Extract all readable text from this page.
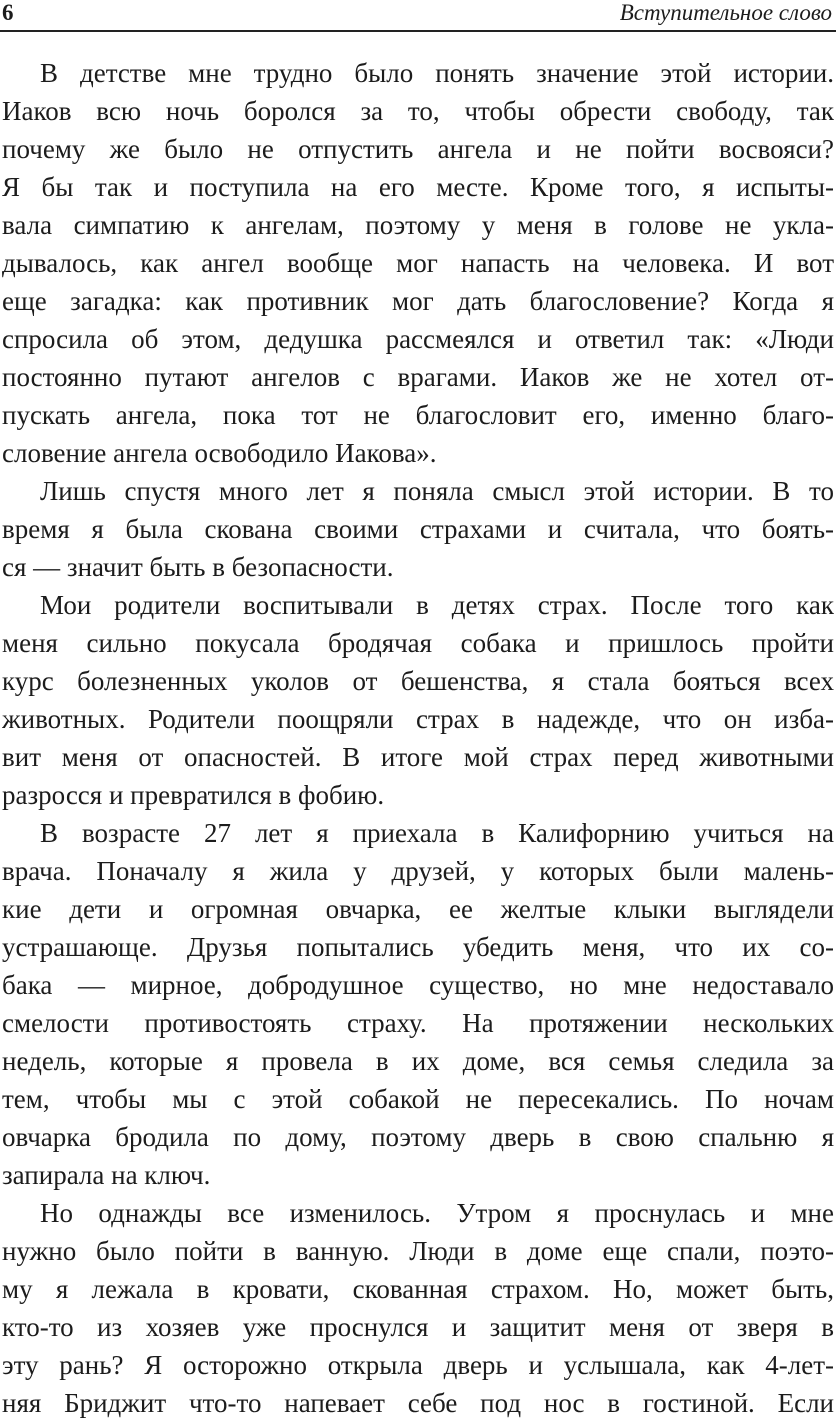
6	Вступительное слово
В детстве мне трудно было понять значение этой истории.
Иаков всю ночь боролся за то, чтобы обрести свободу, так
почему же было не отпустить ангела и не пойти восвояси?
Я бы так и поступила на его месте. Кроме того, я испыты-
вала симпатию к ангелам, поэтому у меня в голове не укла-
дывалось, как ангел вообще мог напасть на человека. И вот
еще загадка: как противник мог дать благословение? Когда я
спросила об этом, дедушка рассмеялся и ответил так: «Люди
постоянно путают ангелов с врагами. Иаков же не хотел от-
пускать ангела, пока тот не благословит его, именно благо-
словение ангела освободило Иакова».
Лишь спустя много лет я поняла смысл этой истории. В то
время я была скована своими страхами и считала, что боять-
ся — значит быть в безопасности.
Мои родители воспитывали в детях страх. После того как
меня сильно покусала бродячая собака и пришлось пройти
курс болезненных уколов от бешенства, я стала бояться всех
животных. Родители поощряли страх в надежде, что он изба-
вит меня от опасностей. В итоге мой страх перед животными
разросся и превратился в фобию.
В возрасте 27 лет я приехала в Калифорнию учиться на
врача. Поначалу я жила у друзей, у которых были малень-
кие дети и огромная овчарка, ее желтые клыки выглядели
устрашающе. Друзья попытались убедить меня, что их со-
бака — мирное, добродушное существо, но мне недоставало
смелости противостоять страху. На протяжении нескольких
недель, которые я провела в их доме, вся семья следила за
тем, чтобы мы с этой собакой не пересекались. По ночам
овчарка бродила по дому, поэтому дверь в свою спальню я
запирала на ключ.
Но однажды все изменилось. Утром я проснулась и мне
нужно было пойти в ванную. Люди в доме еще спали, поэто-
му я лежала в кровати, скованная страхом. Но, может быть,
кто-то из хозяев уже проснулся и защитит меня от зверя в
эту рань? Я осторожно открыла дверь и услышала, как 4-лет-
няя Бриджит что-то напевает себе под нос в гостиной. Если
